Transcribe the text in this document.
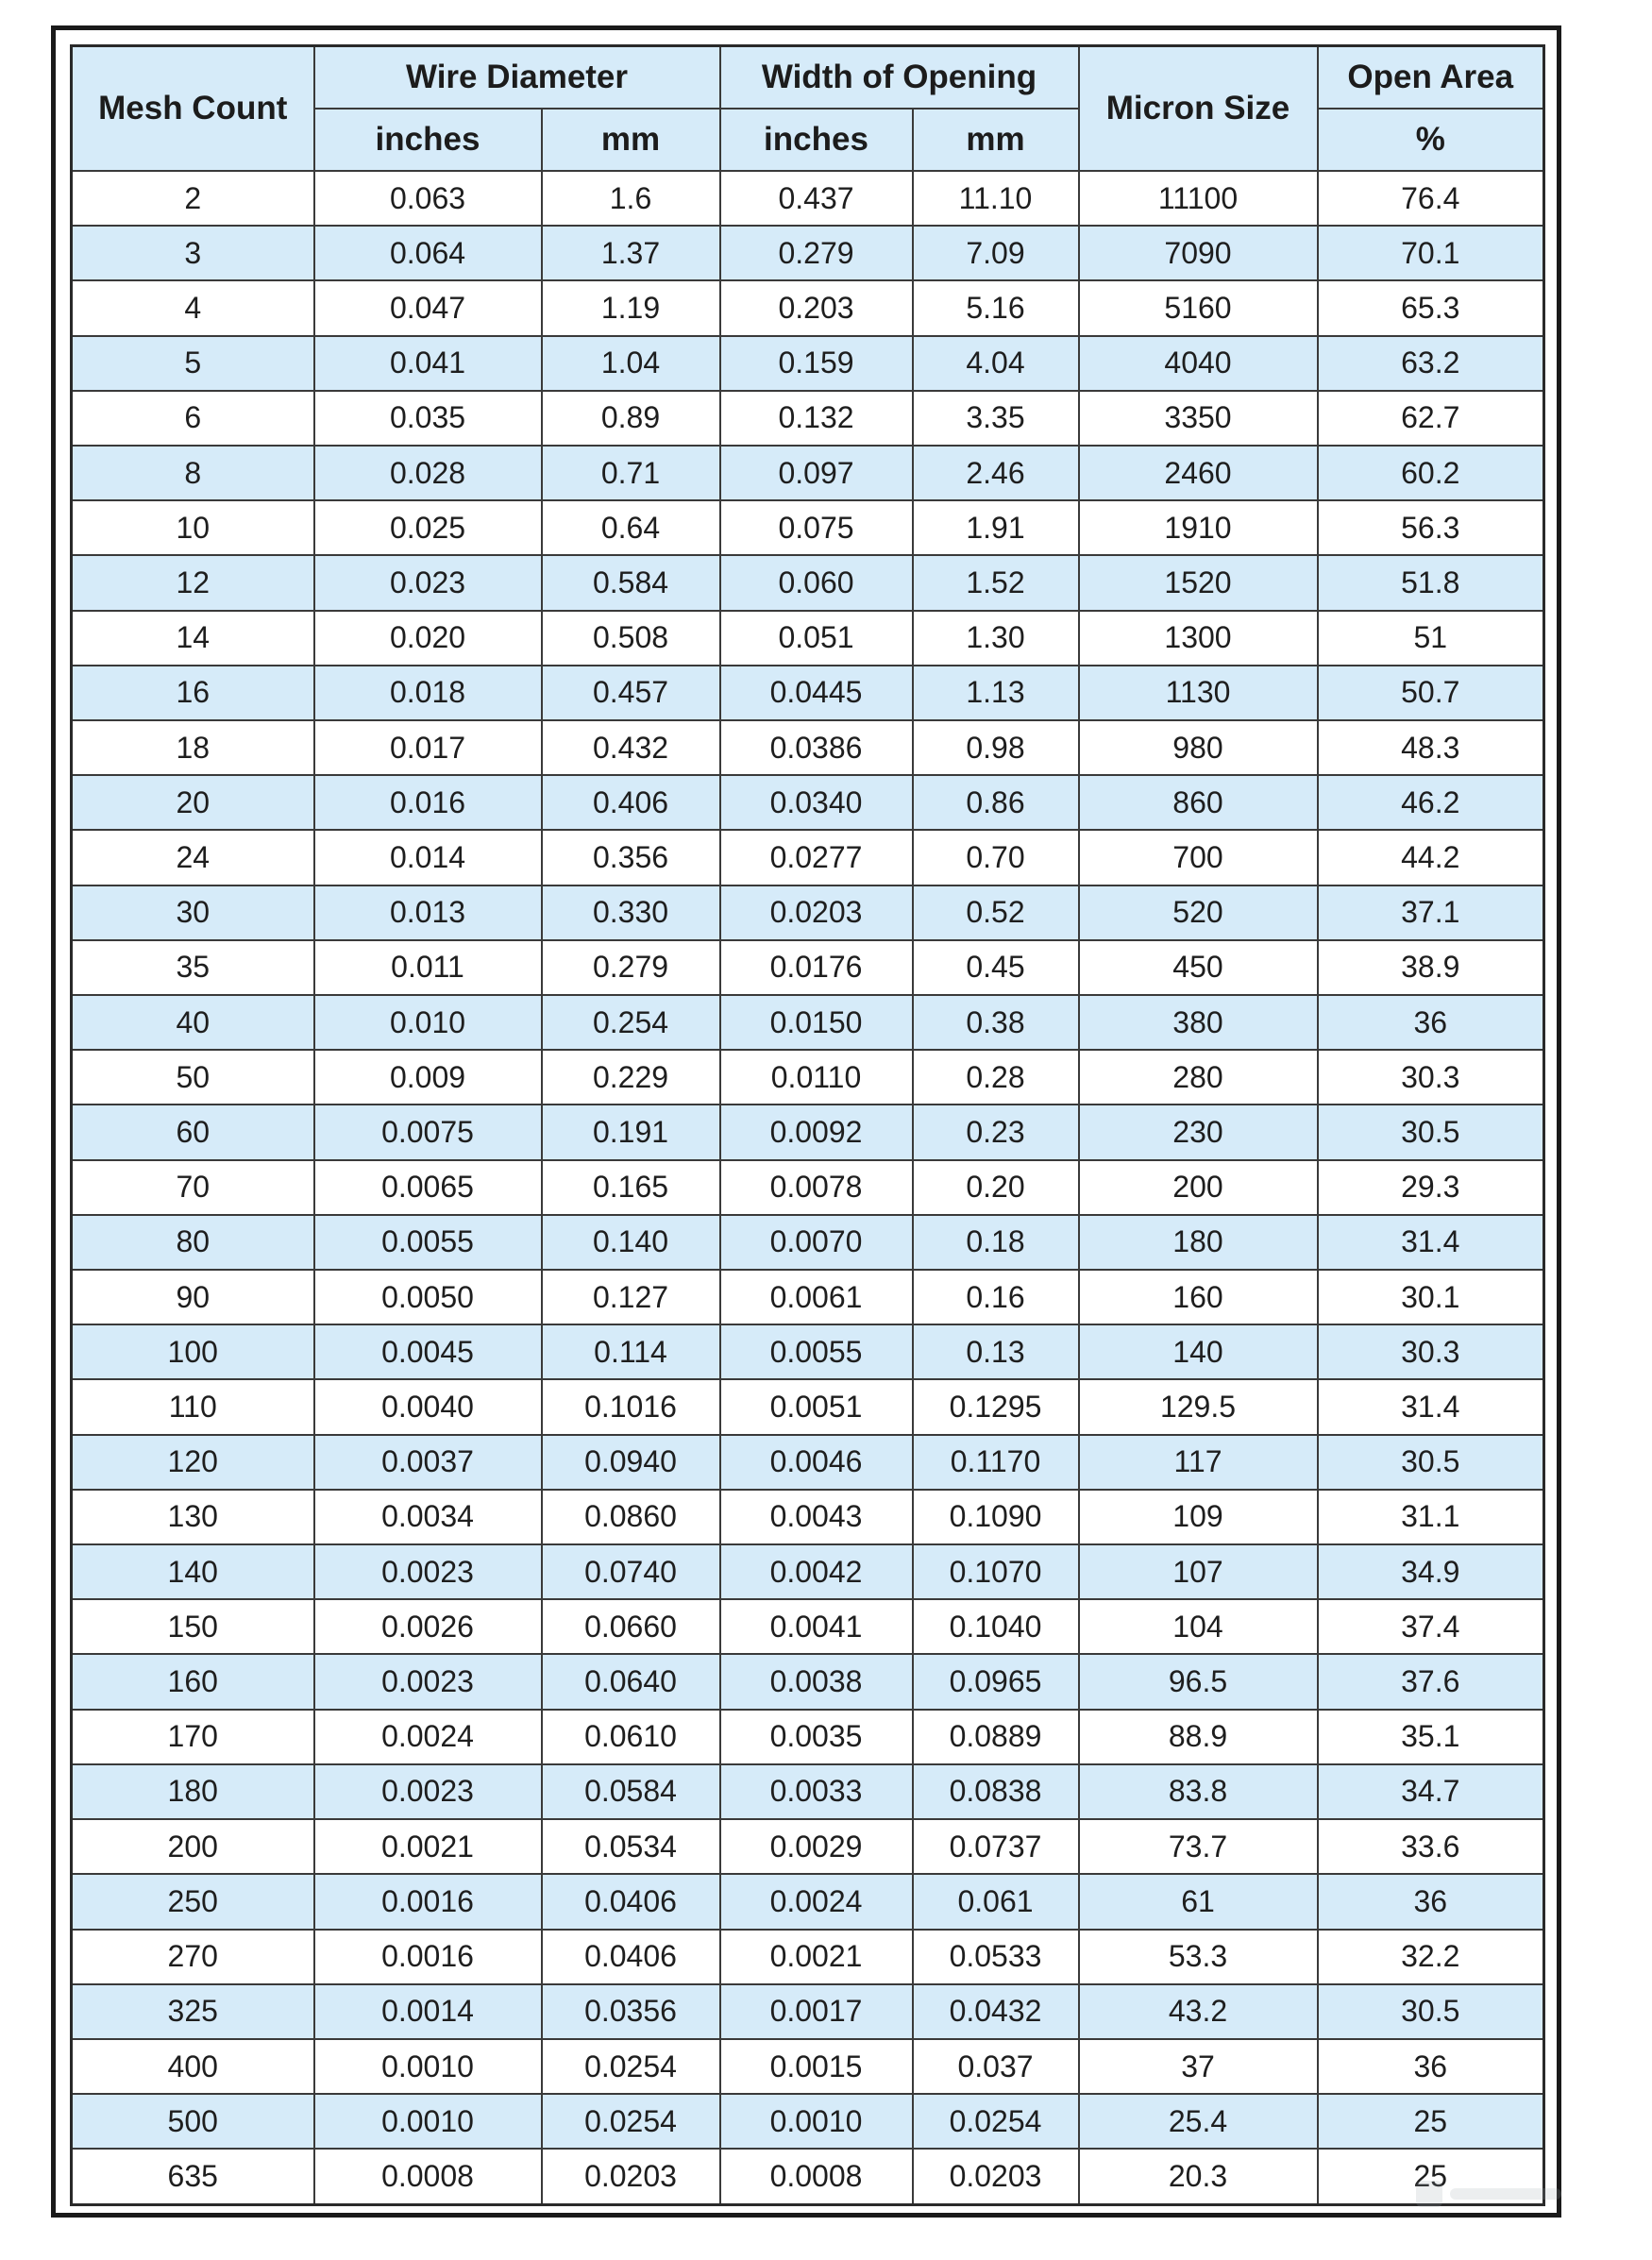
Mesh Count	Wire Diameter		Width of Opening		Micron Size	Open Area
	inches	mm	inches	mm		%
2	0.063	1.6	0.437	11.10	11100	76.4
3	0.064	1.37	0.279	7.09	7090	70.1
4	0.047	1.19	0.203	5.16	5160	65.3
5	0.041	1.04	0.159	4.04	4040	63.2
6	0.035	0.89	0.132	3.35	3350	62.7
8	0.028	0.71	0.097	2.46	2460	60.2
10	0.025	0.64	0.075	1.91	1910	56.3
12	0.023	0.584	0.060	1.52	1520	51.8
14	0.020	0.508	0.051	1.30	1300	51
16	0.018	0.457	0.0445	1.13	1130	50.7
18	0.017	0.432	0.0386	0.98	980	48.3
20	0.016	0.406	0.0340	0.86	860	46.2
24	0.014	0.356	0.0277	0.70	700	44.2
30	0.013	0.330	0.0203	0.52	520	37.1
35	0.011	0.279	0.0176	0.45	450	38.9
40	0.010	0.254	0.0150	0.38	380	36
50	0.009	0.229	0.0110	0.28	280	30.3
60	0.0075	0.191	0.0092	0.23	230	30.5
70	0.0065	0.165	0.0078	0.20	200	29.3
80	0.0055	0.140	0.0070	0.18	180	31.4
90	0.0050	0.127	0.0061	0.16	160	30.1
100	0.0045	0.114	0.0055	0.13	140	30.3
110	0.0040	0.1016	0.0051	0.1295	129.5	31.4
120	0.0037	0.0940	0.0046	0.1170	117	30.5
130	0.0034	0.0860	0.0043	0.1090	109	31.1
140	0.0023	0.0740	0.0042	0.1070	107	34.9
150	0.0026	0.0660	0.0041	0.1040	104	37.4
160	0.0023	0.0640	0.0038	0.0965	96.5	37.6
170	0.0024	0.0610	0.0035	0.0889	88.9	35.1
180	0.0023	0.0584	0.0033	0.0838	83.8	34.7
200	0.0021	0.0534	0.0029	0.0737	73.7	33.6
250	0.0016	0.0406	0.0024	0.061	61	36
270	0.0016	0.0406	0.0021	0.0533	53.3	32.2
325	0.0014	0.0356	0.0017	0.0432	43.2	30.5
400	0.0010	0.0254	0.0015	0.037	37	36
500	0.0010	0.0254	0.0010	0.0254	25.4	25
635	0.0008	0.0203	0.0008	0.0203	20.3	25
